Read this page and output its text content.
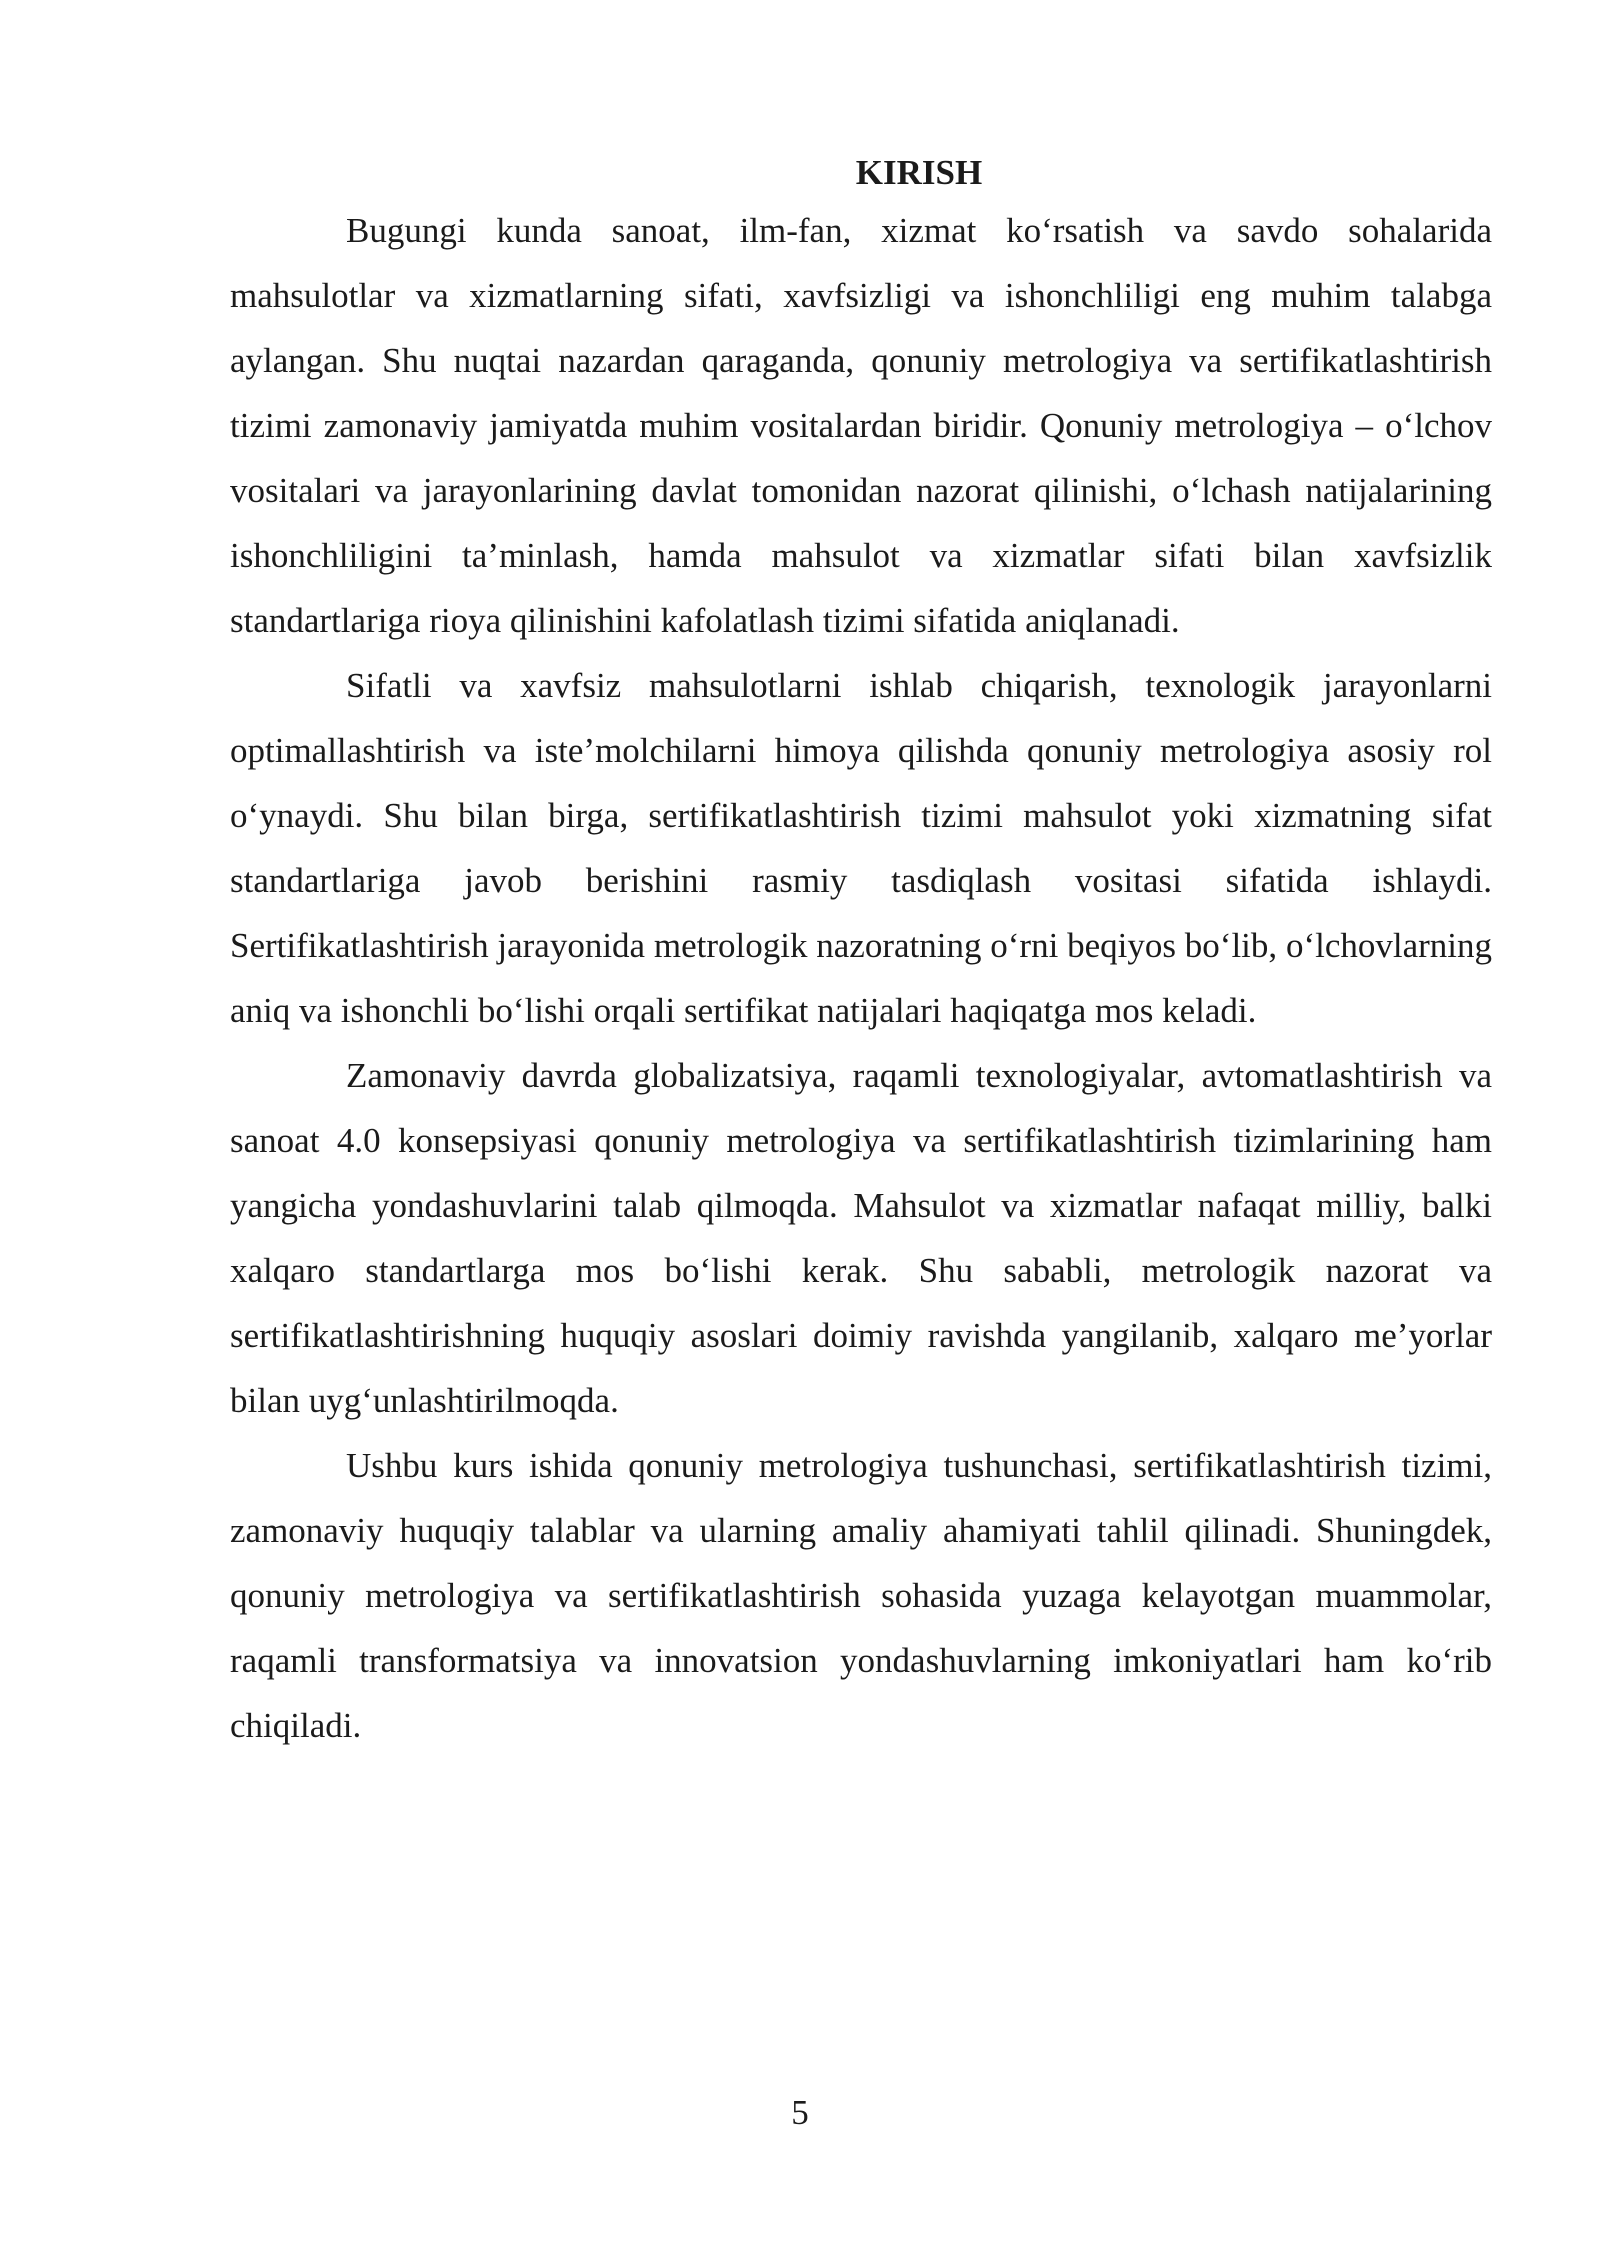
KIRISH

Bugungi kunda sanoat, ilm-fan, xizmat ko‘rsatish va savdo sohalarida mahsulotlar va xizmatlarning sifati, xavfsizligi va ishonchliligi eng muhim talabga aylangan. Shu nuqtai nazardan qaraganda, qonuniy metrologiya va sertifikatlashtirish tizimi zamonaviy jamiyatda muhim vositalardan biridir. Qonuniy metrologiya – o‘lchov vositalari va jarayonlarining davlat tomonidan nazorat qilinishi, o‘lchash natijalarining ishonchliligini ta’minlash, hamda mahsulot va xizmatlar sifati bilan xavfsizlik standartlariga rioya qilinishini kafolatlash tizimi sifatida aniqlanadi.

Sifatli va xavfsiz mahsulotlarni ishlab chiqarish, texnologik jarayonlarni optimallashtirish va iste’molchilarni himoya qilishda qonuniy metrologiya asosiy rol o‘ynaydi. Shu bilan birga, sertifikatlashtirish tizimi mahsulot yoki xizmatning sifat standartlariga javob berishini rasmiy tasdiqlash vositasi sifatida ishlaydi. Sertifikatlashtirish jarayonida metrologik nazoratning o‘rni beqiyos bo‘lib, o‘lchovlarning aniq va ishonchli bo‘lishi orqali sertifikat natijalari haqiqatga mos keladi.

Zamonaviy davrda globalizatsiya, raqamli texnologiyalar, avtomatlashtirish va sanoat 4.0 konsepsiyasi qonuniy metrologiya va sertifikatlashtirish tizimlarining ham yangicha yondashuvlarini talab qilmoqda. Mahsulot va xizmatlar nafaqat milliy, balki xalqaro standartlarga mos bo‘lishi kerak. Shu sababli, metrologik nazorat va sertifikatlashtirishning huquqiy asoslari doimiy ravishda yangilanib, xalqaro me’yorlar bilan uyg‘unlashtirilmoqda.

Ushbu kurs ishida qonuniy metrologiya tushunchasi, sertifikatlashtirish tizimi, zamonaviy huquqiy talablar va ularning amaliy ahamiyati tahlil qilinadi. Shuningdek, qonuniy metrologiya va sertifikatlashtirish sohasida yuzaga kelayotgan muammolar, raqamli transformatsiya va innovatsion yondashuvlarning imkoniyatlari ham ko‘rib chiqiladi.

5
